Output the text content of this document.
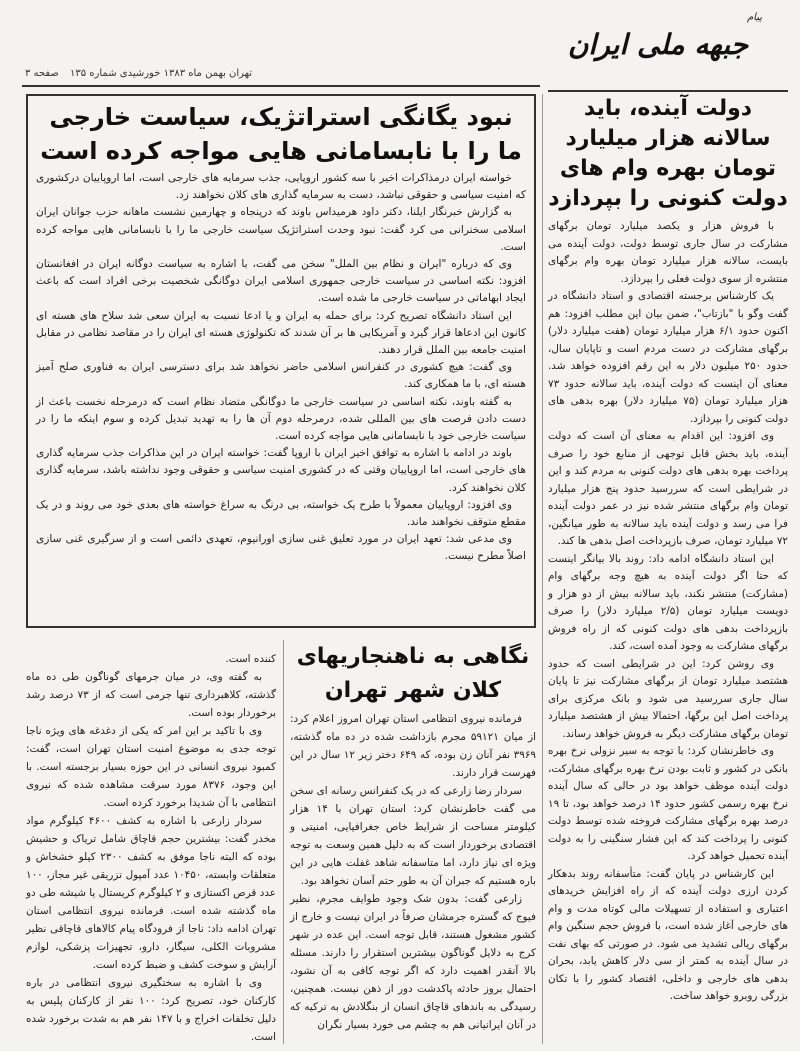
پیام
جبهه ملی ایران
تهران بهمن ماه ۱۳۸۳ خورشیدی شماره ۱۳۵
صفحه ۳
نبود یگانگی استراتژیک، سیاست خارجی ما را با نابسامانی هایی مواجه کرده است

خواسته ایران درمذاکرات اخیر با سه کشور اروپایی، جذب سرمایه های خارجی است، اما اروپاییان درکشوری که امنیت سیاسی و حقوقی نباشد، دست به سرمایه گذاری های کلان نخواهند زد.

به گزارش خبرنگار ایلنا، دکتر داود هرمیداس باوند که درپنجاه و چهارمین نشست ماهانه حزب جوانان ایران اسلامی سخنرانی می کرد گفت: نبود وحدت استراتژیک سیاست خارجی ما را با نابسامانی هایی مواجه کرده است.

وی که درباره "ایران و نظام بین الملل" سخن می گفت، با اشاره به سیاست دوگانه ایران در افغانستان افزود: نکته اساسی در سیاست خارجی جمهوری اسلامی ایران دوگانگی شخصیت برخی افراد است که باعث ایجاد ابهاماتی در سیاست خارجی ما شده است.

این استاد دانشگاه تصریح کرد: برای حمله به ایران و یا ادعا نسبت به ایران سعی شد سلاح های هسته ای کانون این ادعاها قرار گیرد و آمریکایی ها بر آن شدند که تکنولوژی هسته ای ایران را در مقاصد نظامی در مقابل امنیت جامعه بین الملل قرار دهند.

وی گفت: هیچ کشوری در کنفرانس اسلامی حاضر نخواهد شد برای دسترسی ایران به فناوری صلح آمیز هسته ای، با ما همکاری کند.

به گفته باوند، نکته اساسی در سیاست خارجی ما دوگانگی متضاد نظام است که درمرحله نخست باعث از دست دادن فرصت های بین المللی شده، درمرحله دوم آن ها را به تهدید تبدیل کرده و سوم اینکه ما را در سیاست خارجی خود با نابسامانی هایی مواجه کرده است.

باوند در ادامه با اشاره به توافق اخیر ایران با اروپا گفت: خواسته ایران در این مذاکرات جذب سرمایه گذاری های خارجی است، اما اروپاییان وقتی که در کشوری امنیت سیاسی و حقوقی وجود نداشته باشد، سرمایه گذاری کلان نخواهند کرد.

وی افزود: اروپاییان معمولاً با طرح یک خواسته، بی درنگ به سراغ خواسته های بعدی خود می روند و در یک مقطع متوقف نخواهند ماند.

وی مدعی شد: تعهد ایران در مورد تعلیق غنی سازی اورانیوم، تعهدی دائمی است و از سرگیری غنی سازی اصلاً مطرح نیست.

دولت آینده، باید سالانه هزار میلیارد تومان بهره وام های دولت کنونی را بپردازد

با فروش هزار و یکصد میلیارد تومان برگهای مشارکت در سال جاری توسط دولت، دولت آینده می بایست، سالانه هزار میلیارد تومان بهره وام برگهای منتشره از سوی دولت فعلی را بپردازد.

یک کارشناس برجسته اقتصادی و استاد دانشگاه در گفت وگو با "بازتاب"، ضمن بیان این مطلب افزود: هم اکنون حدود ۶/۱ هزار میلیارد تومان (هفت میلیارد دلار) برگهای مشارکت در دست مردم است و تاپایان سال، حدود ۲۵۰ میلیون دلار به این رقم افزوده خواهد شد. معنای آن اینست که دولت آینده، باید سالانه حدود ۷۳ هزار میلیارد تومان (۷۵ میلیارد دلار) بهره بدهی های دولت کنونی را بپردازد.

وی افزود: این اقدام به معنای آن است که دولت آینده، باید بخش قابل توجهی از منابع خود را صرف پرداخت بهره بدهی های دولت کنونی به مردم کند و این در شرایطی است که سررسید حدود پنج هزار میلیارد تومان وام برگهای منتشر شده نیز در عمر دولت آینده فرا می رسد و دولت آینده باید سالانه به طور میانگین، ۷۲ میلیارد تومان، صرف بازپرداخت اصل بدهی ها کند.

این استاد دانشگاه ادامه داد: روند بالا بیانگر اینست که حتا اگر دولت آینده به هیچ وجه برگهای وام (مشارکت) منتشر نکند، باید سالانه بیش از دو هزار و دویست میلیارد تومان (۲/۵ میلیارد دلار) را صرف بازپرداخت بدهی های دولت کنونی که از راه فروش برگهای مشارکت به وجود آمده است، کند.

وی روشن کرد: این در شرایطی است که حدود هشتصد میلیارد تومان از برگهای مشارکت نیز تا پایان سال جاری سررسید می شود و بانک مرکزی برای پرداخت اصل این برگها، احتمالا بیش از هشتصد میلیارد تومان برگهای مشارکت دیگر به فروش خواهد رساند.

وی خاطرنشان کرد: با توجه به سیر نزولی نرخ بهره بانکی در کشور و ثابت بودن نرخ بهره برگهای مشارکت، دولت آینده موظف خواهد بود در حالی که سال آینده نرخ بهره رسمی کشور حدود ۱۴ درصد خواهد بود، تا ۱۹ درصد بهره برگهای مشارکت فروخته شده توسط دولت کنونی را پرداخت کند که این فشار سنگینی را به دولت آینده تحمیل خواهد کرد.

این کارشناس در پایان گفت: متأسفانه روند بدهکار کردن ارزی دولت آینده که از راه افزایش خریدهای اعتباری و استفاده از تسهیلات مالی کوتاه مدت و وام های خارجی آغاز شده است، با فروش حجم سنگین وام برگهای ریالی تشدید می شود. در صورتی که بهای نفت در سال آینده به کمتر از سی دلار کاهش یابد، بحران بدهی های خارجی و داخلی، اقتصاد کشور را با تکان بزرگی روبرو خواهد ساخت.

نگاهی به ناهنجاریهای کلان شهر تهران

فرمانده نیروی انتظامی استان تهران امروز اعلام کرد: از میان ۵۹۱۲۱ مجرم بازداشت شده در ده ماه گذشته، ۳۹۶۹ نفر آنان زن بوده، که ۶۴۹ دختر زیر ۱۲ سال در این فهرست قرار دارند.

سردار رضا زارعی که در یک کنفرانس رسانه ای سخن می گفت خاطرنشان کرد: استان تهران با ۱۴ هزار کیلومتر مساحت از شرایط خاص جغرافیایی، امنیتی و اقتصادی برخوردار است که به دلیل همین وسعت به توجه ویژه ای نیاز دارد، اما متاسفانه شاهد غفلت هایی در این باره هستیم که جبران آن به طور حتم آسان نخواهد بود.

زارعی گفت: بدون شک وجود طوایف مجرم، نظیر فیوج که گستره جرمشان صرفاً در ایران نیست و خارج از کشور مشغول هستند، قابل توجه است. این عده در شهر کرج به دلایل گوناگون بیشترین استقرار را دارند. مسئله بالا آنقدر اهمیت دارد که اگر توجه کافی به آن نشود، احتمال بروز حادثه پاکدشت دور از ذهن نیست. همچنین، رسیدگی به باندهای قاچاق انسان از بنگلادش به ترکیه که در آنان ایرانیانی هم به چشم می خورد بسیار نگران

کننده است.

به گفته وی، در میان جرمهای گوناگون طی ده ماه گذشته، کلاهبرداری تنها جرمی است که از ۷۳ درصد رشد برخوردار بوده است.

وی با تاکید بر این امر که یکی از دغدغه های ویژه ناجا توجه جدی به موضوع امنیت استان تهران است، گفت: کمبود نیروی انسانی در این حوزه بسیار برجسته است. با این وجود، ۸۳۷۶ مورد سرقت مشاهده شده که نیروی انتظامی با آن شدیدا برخورد کرده است.

سردار زارعی با اشاره به کشف ۴۶۰۰ کیلوگرم مواد مخدر گفت: بیشترین حجم قاچاق شامل تریاک و حشیش بوده که البته ناجا موفق به کشف ۲۳۰۰ کیلو خشخاش و متعلقات وابسته، ۱۰۴۵۰ عدد آمپول تزریقی غیر مجاز، ۱۰۰ عدد قرص اکستازی و ۲ کیلوگرم کریستال یا شیشه طی دو ماه گذشته شده است. فرمانده نیروی انتظامی استان تهران ادامه داد: ناجا از فرودگاه پیام کالاهای قاچاقی نظیر مشروبات الکلی، سیگار، دارو، تجهیزات پزشکی، لوازم آرایش و سوخت کشف و ضبط کرده است.

وی با اشاره به سختگیری نیروی انتظامی در باره کارکنان خود، تصریح کرد: ۱۰۰ نفر از کارکنان پلیس به دلیل تخلفات اخراج و با ۱۴۷ نفر هم به شدت برخورد شده است.
